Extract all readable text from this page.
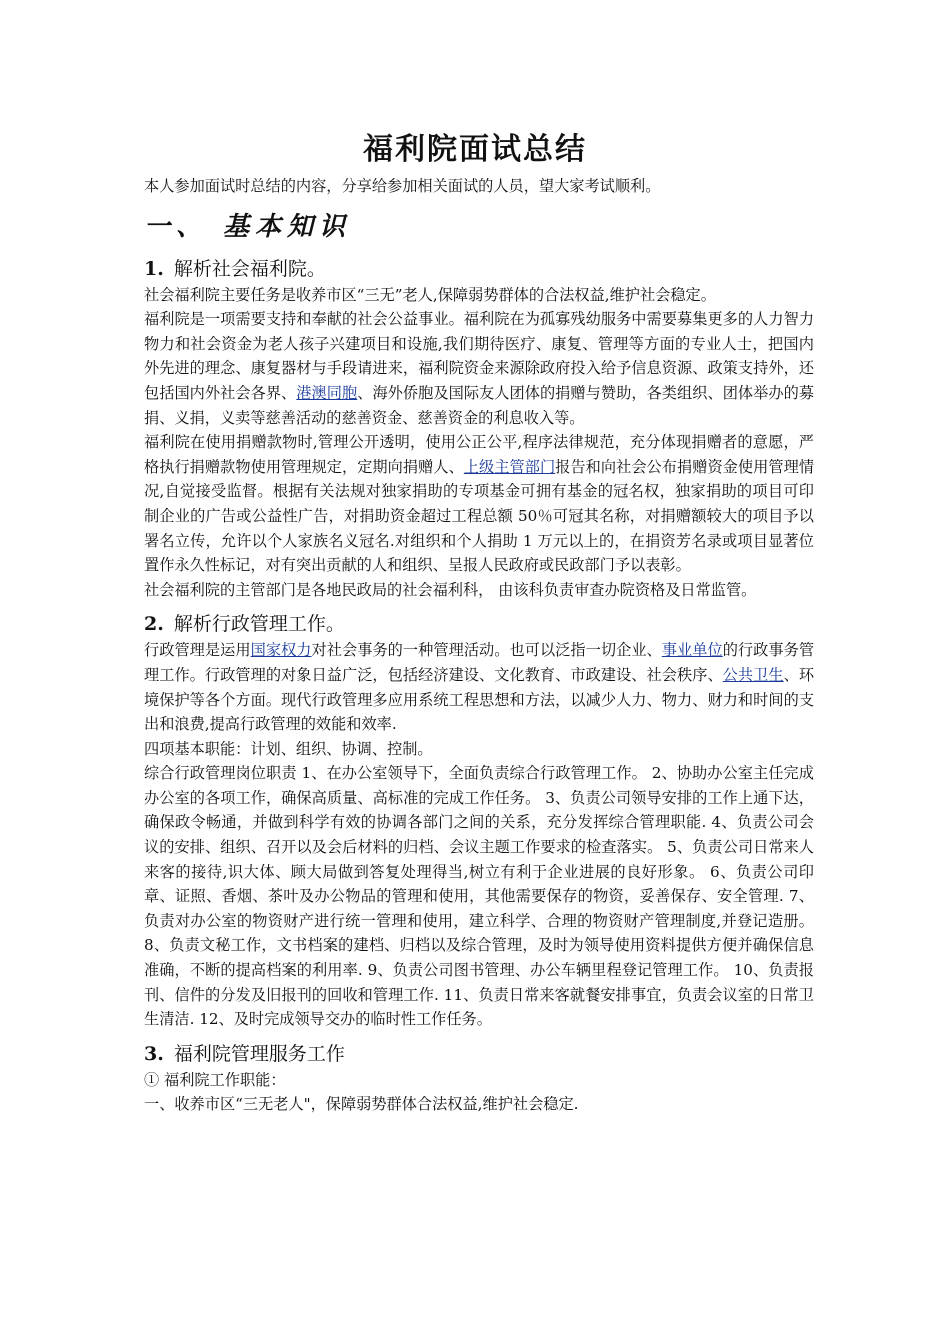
福利院面试总结

本人参加面试时总结的内容，分享给参加相关面试的人员，望大家考试顺利。

一、 基本知识
1. 解析社会福利院。

社会福利院主要任务是收养市区“三无”老人,保障弱势群体的合法权益,维护社会稳定。

福利院是一项需要支持和奉献的社会公益事业。福利院在为孤寡残幼服务中需要募集更多的人力智力物力和社会资金为老人孩子兴建项目和设施,我们期待医疗、康复、管理等方面的专业人士，把国内外先进的理念、康复器材与手段请进来，福利院资金来源除政府投入给予信息资源、政策支持外，还包括国内外社会各界、港澳同胞、海外侨胞及国际友人团体的捐赠与赞助，各类组织、团体举办的募捐、义捐，义卖等慈善活动的慈善资金、慈善资金的利息收入等。

福利院在使用捐赠款物时,管理公开透明，使用公正公平,程序法律规范，充分体现捐赠者的意愿，严格执行捐赠款物使用管理规定，定期向捐赠人、上级主管部门报告和向社会公布捐赠资金使用管理情况,自觉接受监督。根据有关法规对独家捐助的专项基金可拥有基金的冠名权，独家捐助的项目可印制企业的广告或公益性广告，对捐助资金超过工程总额 50％可冠其名称，对捐赠额较大的项目予以署名立传，允许以个人家族名义冠名.对组织和个人捐助 1 万元以上的，在捐资芳名录或项目显著位置作永久性标记，对有突出贡献的人和组织、呈报人民政府或民政部门予以表彰。

社会福利院的主管部门是各地民政局的社会福利科， 由该科负责审查办院资格及日常监管。

2. 解析行政管理工作。

行政管理是运用国家权力对社会事务的一种管理活动。也可以泛指一切企业、事业单位的行政事务管理工作。行政管理的对象日益广泛，包括经济建设、文化教育、市政建设、社会秩序、公共卫生、环境保护等各个方面。现代行政管理多应用系统工程思想和方法，以减少人力、物力、财力和时间的支出和浪费,提高行政管理的效能和效率.

四项基本职能：计划、组织、协调、控制。

综合行政管理岗位职责 1、在办公室领导下，全面负责综合行政管理工作。 2、协助办公室主任完成办公室的各项工作，确保高质量、高标准的完成工作任务。 3、负责公司领导安排的工作上通下达，确保政令畅通，并做到科学有效的协调各部门之间的关系，充分发挥综合管理职能. 4、负责公司会议的安排、组织、召开以及会后材料的归档、会议主题工作要求的检查落实。 5、负责公司日常来人来客的接待,识大体、顾大局做到答复处理得当,树立有利于企业进展的良好形象。 6、负责公司印章、证照、香烟、茶叶及办公物品的管理和使用，其他需要保存的物资，妥善保存、安全管理. 7、负责对办公室的物资财产进行统一管理和使用，建立科学、合理的物资财产管理制度,并登记造册。 8、负责文秘工作，文书档案的建档、归档以及综合管理，及时为领导使用资料提供方便并确保信息准确，不断的提高档案的利用率. 9、负责公司图书管理、办公车辆里程登记管理工作。 10、负责报刊、信件的分发及旧报刊的回收和管理工作. 11、负责日常来客就餐安排事宜，负责会议室的日常卫生清洁. 12、及时完成领导交办的临时性工作任务。

3. 福利院管理服务工作

① 福利院工作职能：

一、收养市区“三无老人"，保障弱势群体合法权益,维护社会稳定.
